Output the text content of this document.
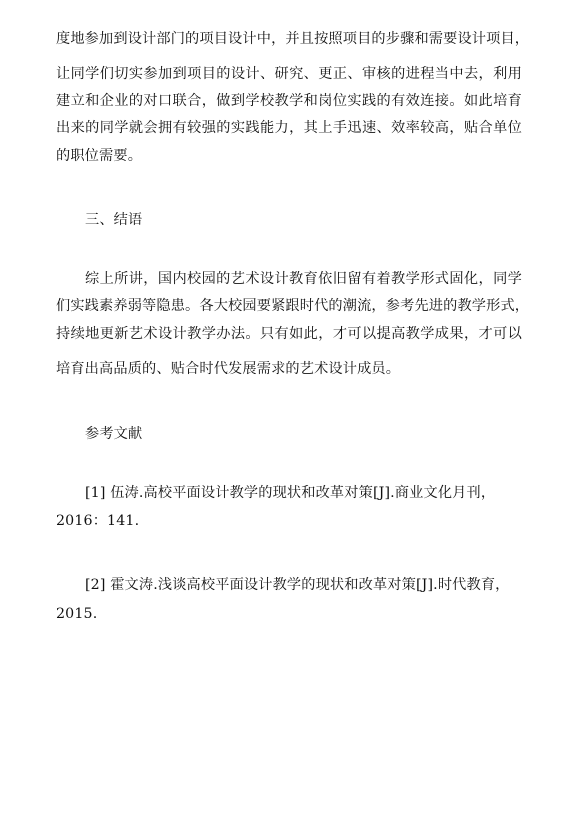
度地参加到设计部门的项目设计中，并且按照项目的步骤和需要设计项目，
让同学们切实参加到项目的设计、研究、更正、审核的进程当中去，利用
建立和企业的对口联合，做到学校教学和岗位实践的有效连接。如此培育
出来的同学就会拥有较强的实践能力，其上手迅速、效率较高，贴合单位
的职位需要。
三、结语
综上所讲，国内校园的艺术设计教育依旧留有着教学形式固化，同学
们实践素养弱等隐患。各大校园要紧跟时代的潮流，参考先进的教学形式，
持续地更新艺术设计教学办法。只有如此，才可以提高教学成果，才可以
培育出高品质的、贴合时代发展需求的艺术设计成员。
参考文献
[1] 伍涛.高校平面设计教学的现状和改革对策[J].商业文化月刊，
2016：141.
[2] 霍文涛.浅谈高校平面设计教学的现状和改革对策[J].时代教育，
2015.
